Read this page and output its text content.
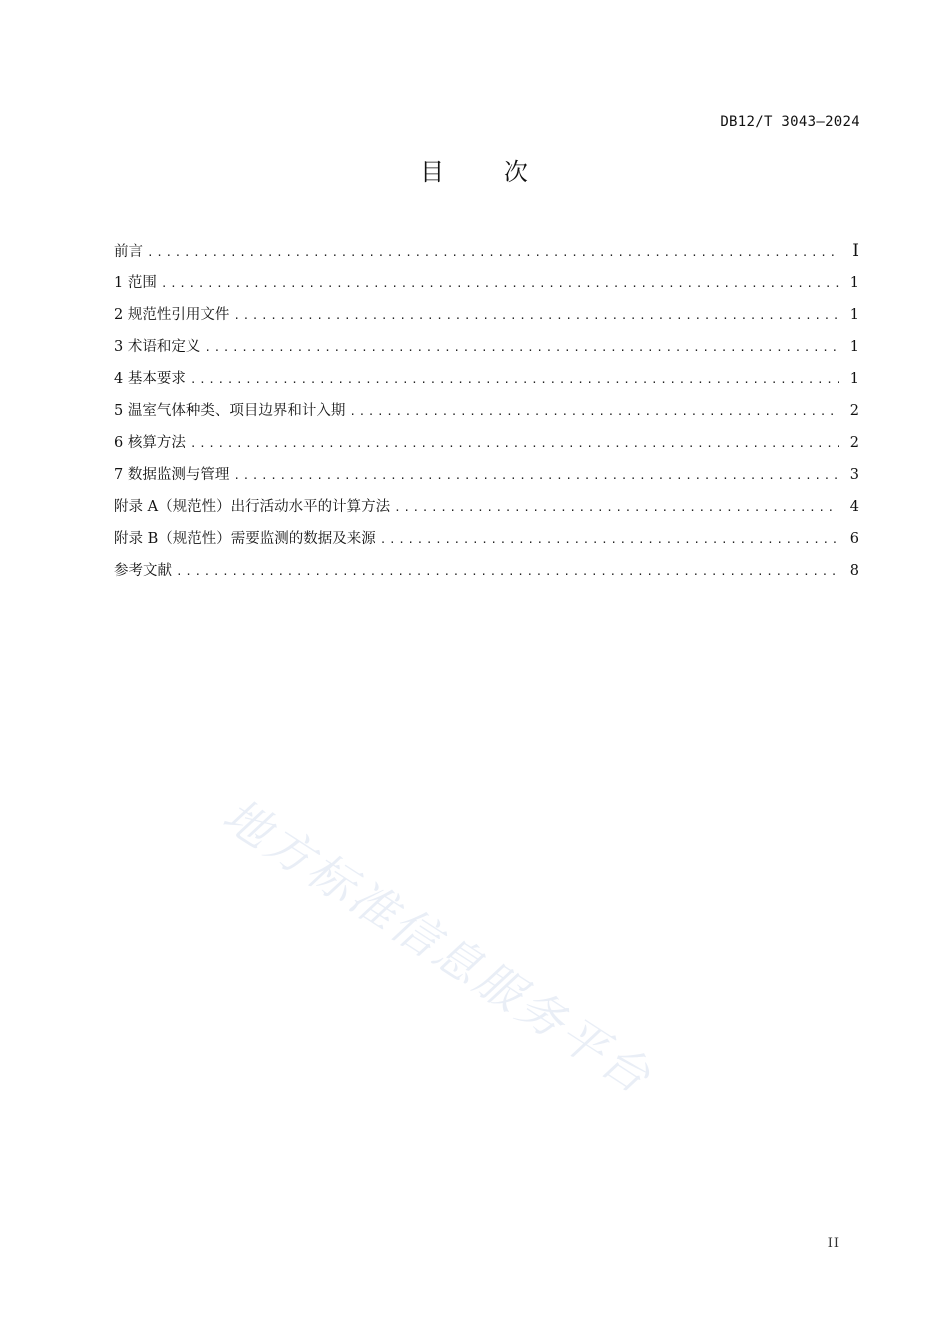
DB12/T 3043—2024
目 次
前言 .....	Ⅰ
1 范围 .....	1
2 规范性引用文件 .....	1
3 术语和定义 .....	1
4 基本要求 .....	1
5 温室气体种类、项目边界和计入期 .....	2
6 核算方法 .....	2
7 数据监测与管理 .....	3
附录 A（规范性）出行活动水平的计算方法 .....	4
附录 B（规范性）需要监测的数据及来源 .....	6
参考文献 .....	8
地方标准信息服务平台
II
